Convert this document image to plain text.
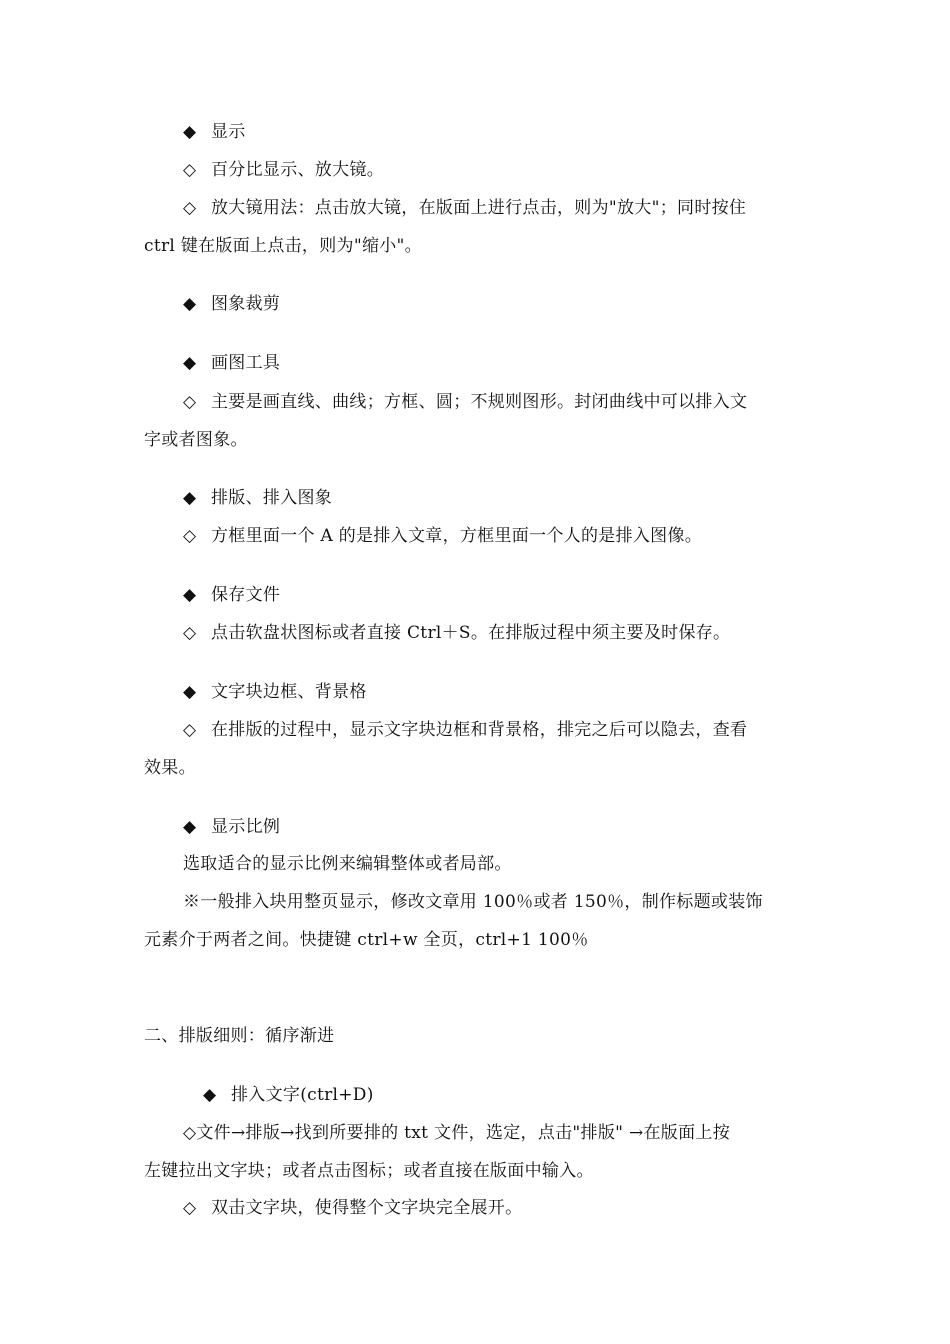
◆ 显示
◇ 百分比显示、放大镜。
◇ 放大镜用法：点击放大镜，在版面上进行点击，则为"放大"；同时按住
ctrl 键在版面上点击，则为"缩小"。
◆ 图象裁剪
◆ 画图工具
◇ 主要是画直线、曲线；方框、圆；不规则图形。封闭曲线中可以排入文
字或者图象。
◆ 排版、排入图象
◇ 方框里面一个 A 的是排入文章，方框里面一个人的是排入图像。
◆ 保存文件
◇ 点击软盘状图标或者直接 Ctrl＋S。在排版过程中须主要及时保存。
◆ 文字块边框、背景格
◇ 在排版的过程中，显示文字块边框和背景格，排完之后可以隐去，查看
效果。
◆ 显示比例
选取适合的显示比例来编辑整体或者局部。
※一般排入块用整页显示，修改文章用 100％或者 150％，制作标题或装饰
元素介于两者之间。快捷键 ctrl+w 全页，ctrl+1 100％
二、排版细则：循序渐进
◆ 排入文字(ctrl+D)
◇文件→排版→找到所要排的 txt 文件，选定，点击"排版" →在版面上按
左键拉出文字块；或者点击图标；或者直接在版面中输入。
◇ 双击文字块，使得整个文字块完全展开。
